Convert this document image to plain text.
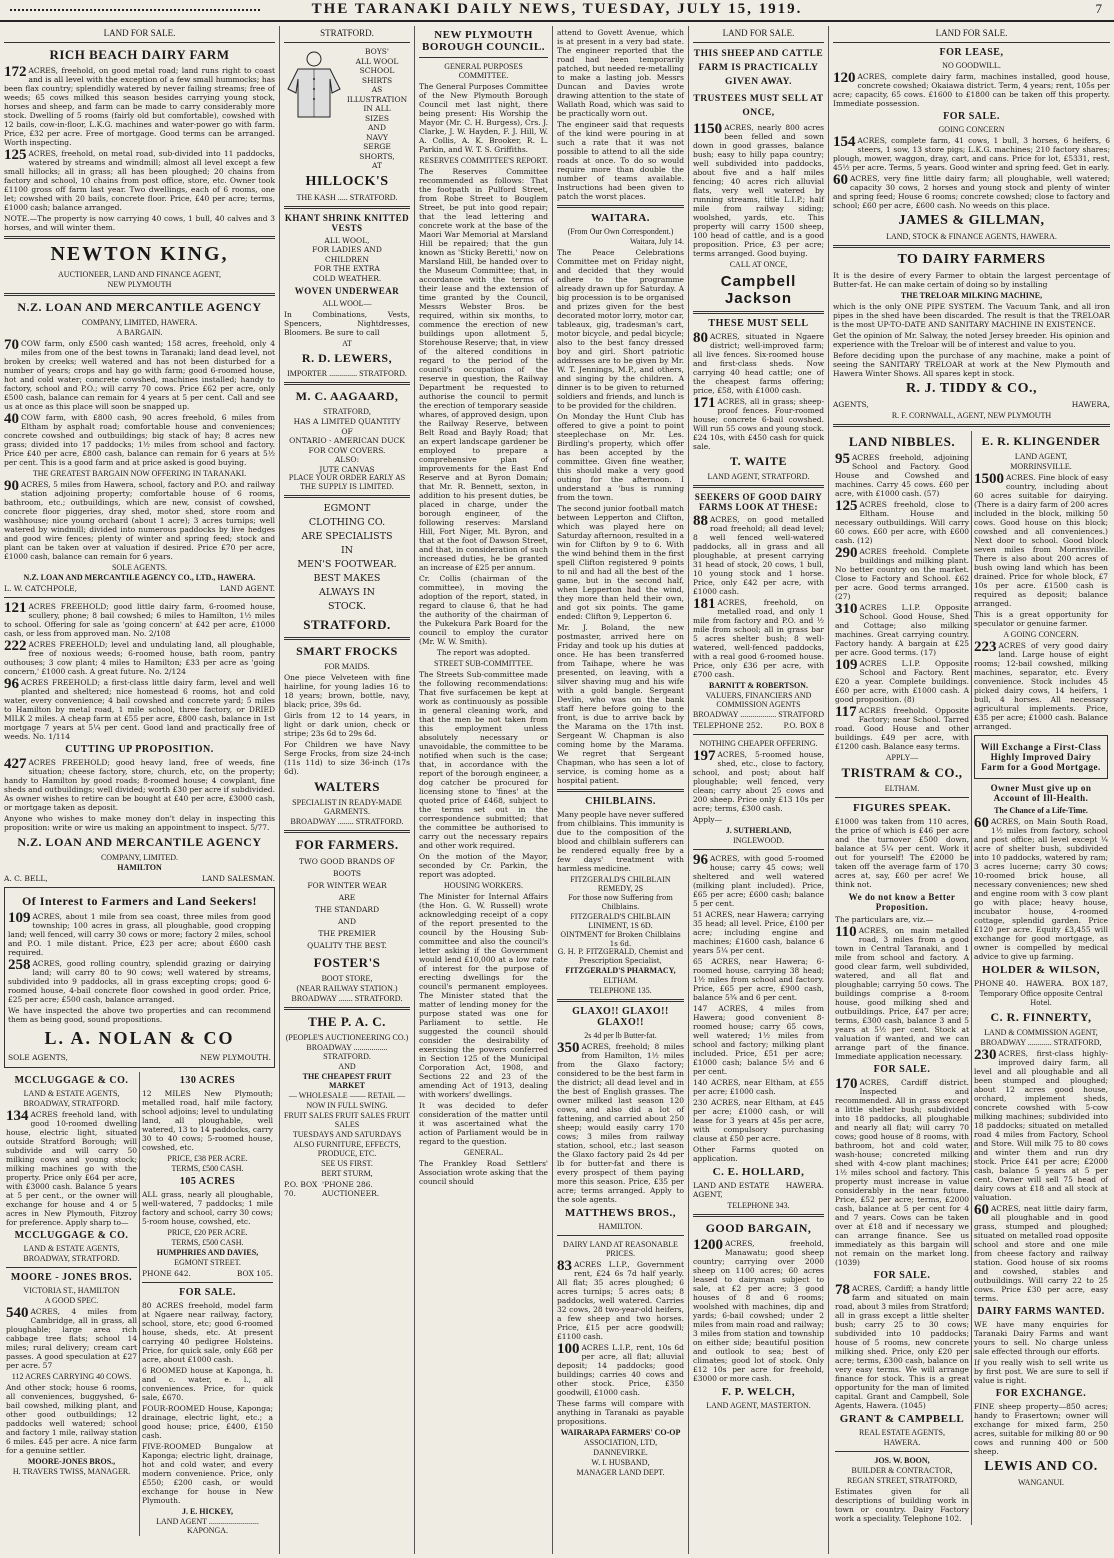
THE TARANAKI DAILY NEWS, TUESDAY, JULY 15, 1919.	7
LAND FOR SALE.
RICH BEACH DAIRY FARM
172 ACRES, freehold, on good metal road; land runs right to coast and is all level with the exception of a few small hummocks; has been flax country; splendidly watered by never failing streams; free of weeds; 65 cows milked this season besides carrying young stock, horses and sheep, and farm can be made to carry considerably more stock. Dwelling of 5 rooms (fairly old but comfortable), cowshed with 12 bails, cow-in-floor, L.K.G. machines and water-power go with farm. Price, £32 per acre. Free of mortgage. Good terms can be arranged. Worth inspecting.
125 ACRES, freehold, on metal road, sub-divided into 11 paddocks, watered by streams and windmill; almost all level except a few small hillocks; all in grass; all has been ploughed; 20 chains from factory and school, 10 chains from post office, store, etc. Owner took £1100 gross off farm last year. Two dwellings, each of 6 rooms, one let; cowshed with 20 bails, concrete floor. Price, £40 per acre; terms, £1000 cash; balance arranged.
NOTE.—The property is now carrying 40 cows, 1 bull, 40 calves and 3 horses, and will winter them.
NEWTON KING,
AUCTIONEER, LAND AND FINANCE AGENT,
NEW PLYMOUTH
N.Z. LOAN AND MERCANTILE AGENCY
COMPANY, LIMITED, HAWERA.
A BARGAIN.
70 COW farm, only £500 cash wanted; 158 acres, freehold, only 4 miles from one of the best towns in Taranaki; land dead level, not broken by creeks; well watered and has not been disturbed for a number of years; crops and hay go with farm; good 6-roomed house, hot and cold water; concrete cowshed, machines installed; handy to factory, school and P.O.; will carry 70 cows. Price £62 per acre, only £500 cash, balance can remain for 4 years at 5 per cent. Call and see us at once as this place will soon be snapped up.
40 COW farm, with £800 cash, 90 acres freehold, 6 miles from Eltham by asphalt road; comfortable house and conveniences; concrete cowshed and outbuildings; big stack of hay; 8 acres new grass; divided into 17 paddocks; 1½ miles from school and factory. Price £40 per acre, £800 cash, balance can remain for 6 years at 5½ per cent. This is a good farm and at price asked is good buying.
THE GREATEST BARGAIN NOW OFFERING IN TARANAKI.
90 ACRES, 5 miles from Hawera, school, factory and P.O. and railway station adjoining property; comfortable house of 6 rooms, bathroom, etc.; outbuildings, which are new, consist of cowshed, concrete floor piggeries, dray shed, motor shed, store room and washhouse; nice young orchard (about 1 acre); 3 acres turnips; well watered by windmill; divided into numerous paddocks by live hedges and good wire fences; plenty of winter and spring feed; stock and plant can be taken over at valuation if desired. Price £70 per acre, £1000 cash, balance can remain for 6 years.
SOLE AGENTS.
N.Z. LOAN AND MERCANTILE AGENCY CO., LTD., HAWERA.
L. W. CATCHPOLE,	LAND AGENT.
121 ACRES FREEHOLD; good little dairy farm, 6-roomed house, scullery, phone; 8 bail cowshed; 6 miles to Hamilton, 1½ miles to school. Offering for sale as 'going concern' at £42 per acre, £1000 cash, or less from approved man. No. 2/108
222 ACRES FREEHOLD; level and undulating land, all ploughable, free of noxious weeds; 6-roomed house, bath room, pantry outhouses; 3 cow plant; 4 miles to Hamilton; £33 per acre as 'going concern,' £1000 cash. A great future. No. 2/124
96 ACRES FREEHOLD; a first-class little dairy farm, level and well planted and sheltered; nice homestead 6 rooms, hot and cold water, every convenience; 4 bail cowshed and concrete yard; 5 miles to Hamilton by metal road, 1 mile school, three factory, or DRIED MILK 2 miles. A cheap farm at £55 per acre, £800 cash, balance in 1st mortgage 7 years at 5¼ per cent. Good land and practically free of weeds. No. 1/114
CUTTING UP PROPOSITION.
427 ACRES FREEHOLD; good heavy land, free of weeds, fine situation; cheese factory, store, church, etc, on the property; handy to Hamilton by good roads; 8-roomed house; 4 cowplant, fine sheds and outbuildings; well divided; worth £30 per acre if subdivided. As owner wishes to retire can be bought at £40 per acre, £3000 cash, or mortgage taken as deposit.
Anyone who wishes to make money don't delay in inspecting this proposition: write or wire us making an appointment to inspect. 5/77.
N.Z. LOAN AND MERCANTILE AGENCY
COMPANY, LIMITED.
HAMILTON
A. C. BELL,	LAND SALESMAN.
Of Interest to Farmers and Land Seekers!
109 ACRES, about 1 mile from sea coast, three miles from good township; 100 acres in grass, all ploughable, good cropping land; well fenced, will carry 30 cows or more; factory 2 miles, school and P.O. 1 mile distant. Price, £23 per acre; about £600 cash required.
258 ACRES, good rolling country, splendid grazing or dairying land; will carry 80 to 90 cows; well watered by streams, subdivided into 9 paddocks, all in grass excepting crops; good 6-roomed house, 4-bail concrete floor cowshed in good order. Price, £25 per acre; £500 cash, balance arranged.
We have inspected the above two properties and can recommend them as being good, sound propositions.
L. A. NOLAN & CO
SOLE AGENTS,	NEW PLYMOUTH.
MCCLUGGAGE & CO.
LAND & ESTATE AGENTS,
BROADWAY, STRATFORD.
134 ACRES freehold land, with good 10-roomed dwelling house, electric light, situated outside Stratford Borough; will subdivide and will carry 50 milking cows and young stock; milking machines go with the property. Price only £64 per acre, with £3000 cash. Balance 5 years at 5 per cent., or the owner will exchange for house and 4 or 5 acres in New Plymouth, Fitzroy for preference. Apply sharp to—
MCCLUGGAGE & CO.
LAND & ESTATE AGENTS,
BROADWAY, STRATFORD.
MOORE - JONES BROS.
VICTORIA ST., HAMILTON
A GOOD SPEC.
540 ACRES, 4 miles from Cambridge, all in grass, all ploughable; large area rich cabbage tree flats; school 14 miles; rural delivery; cream cart passes. A good speculation at £27 per acre. 57
112 ACRES CARRYING 40 COWS.
And other stock; house 6 rooms, all conveniences, buggyshed, 6-bail cowshed, milking plant, and other good outbuildings; 12 paddocks well watered; school and factory 1 mile, railway station 6 miles. £45 per acre. A nice farm for a genuine settler.
MOORE-JONES BROS.,
H. TRAVERS TWISS, MANAGER.
130 ACRES
12 MILES New Plymouth; metalled road, half mile factory, school adjoins; level to undulating land, all ploughable, well watered, 13 to 14 paddocks, carry 30 to 40 cows; 5-roomed house, cowshed, etc.
PRICE, £38 PER ACRE.
TERMS, £500 CASH.
105 ACRES
ALL grass, nearly all ploughable, well-watered, 7 paddocks; 1 mile factory and school, carry 30 cows; 5-room house, cowshed, etc.
PRICE, £20 PER ACRE.
TERMS, £500 CASH.
HUMPHRIES AND DAVIES,
EGMONT STREET.
PHONE 642.	BOX 105.
FOR SALE.
80 ACRES freehold, model farm at Ngaere near railway, factory, school, store, etc; good 6-roomed house, sheds, etc. At present carrying 40 pedigree Holsteins. Price, for quick sale, only £68 per acre, about £1000 cash.
6 ROOMED house at Kaponga, h. and c. water, e. l., all conveniences. Price, for quick sale, £670.
FOUR-ROOMED House, Kaponga; drainage, electric light, etc.; a good house; price, £400, £150 cash.
FIVE-ROOMED Bungalow at Kaponga; electric light, drainage, hot and cold water, and every modern convenience. Price, only £550; £200 cash, or would exchange for house in New Plymouth.
J. E. HICKEY,
LAND AGENT ......................... KAPONGA.
STRATFORD.
BOYS'
ALL WOOL
SCHOOL
SHIRTS
AS
ILLUSTRATION
IN ALL
SIZES
AND
NAVY
SERGE
SHORTS,
AT
HILLOCK'S
THE KASH ..... STRATFORD.
KHANT SHRINK KNITTED VESTS
ALL WOOL,
FOR LADIES AND
CHILDREN
FOR THE EXTRA
COLD WEATHER.
WOVEN UNDERWEAR
ALL WOOL—
In Combinations, Vests, Spencers, Nightdresses, Bloomers. Be sure to call
AT
R. D. LEWERS,
IMPORTER .............. STRATFORD.
M. C. AAGAARD,
STRATFORD,
HAS A LIMITED QUANTITY
OF
ONTARIO - AMERICAN DUCK
FOR COW COVERS.
ALSO:
JUTE CANVAS
PLACE YOUR ORDER EARLY AS THE SUPPLY IS LIMITED.
EGMONT
CLOTHING CO.
ARE SPECIALISTS
IN
MEN'S FOOTWEAR.
BEST MAKES
ALWAYS IN
STOCK.
STRATFORD.
SMART FROCKS
FOR MAIDS.
One piece Velveteen with fine hairline, for young ladies 16 to 18 years; brown, bottle, navy, black; price, 39s 6d.
Girls from 12 to 14 years, in light or dark union, check or stripe; 23s 6d to 29s 6d.
For Children we have Navy Serge Frocks, from size 24-inch (11s 11d) to size 36-inch (17s 6d).
WALTERS
SPECIALIST IN READY-MADE GARMENTS.
BROADWAY ........ STRATFORD.
FOR FARMERS.
TWO GOOD BRANDS OF BOOTS
FOR WINTER WEAR
ARE
THE STANDARD
AND
THE PREMIER
QUALITY THE BEST.
FOSTER'S
BOOT STORE,
(NEAR RAILWAY STATION.)
BROADWAY ....... STRATFORD.
THE P. A. C.
(PEOPLE'S AUCTIONEERING CO.)
BROADWAY ................. STRATFORD.
AND
THE CHEAPEST FRUIT MARKET
— WHOLESALE —— RETAIL —
NOW IN FULL SWING.
FRUIT SALES FRUIT SALES FRUIT SALES
TUESDAYS AND SATURDAYS
ALSO FURNITURE, EFFECTS, PRODUCE, ETC.
SEE US FIRST.
BERT STURM,
P.O. BOX 70.
'PHONE 286. AUCTIONEER.
NEW PLYMOUTH BOROUGH COUNCIL.
GENERAL PURPOSES COMMITTEE.
The General Purposes Committee of the New Plymouth Borough Council met last night, there being present: His Worship the Mayor (Mr. C. H. Burgess), Crs. J. Clarke, J. W. Hayden, F. J. Hill, W. A. Collis, A. K. Brooker, R. L. Parkin, and W. T. S. Griffiths.
RESERVES COMMITTEE'S REPORT.
The Reserves Committee recommended as follows: That the footpath in Pulford Street, from Robe Street to Bouglem Street, be put into good repair; that the lead lettering and concrete work at the base of the Maori War Memorial at Marsland Hill be repaired; that the gun known as 'Sticky Beretti,' now on Marsland Hill, be handed over to the Museum Committee; that, in accordance with the terms of their lease and the extension of time granted by the Council, Messrs Webster Bros. be required, within six months, to commence the erection of new buildings upon allotment 5, Storehouse Reserve; that, in view of the altered conditions in regard to the period of the council's occupation of the reserve in question, the Railway Department be requested to authorise the council to permit the erection of temporary seaside whares, of approved design, upon the Railway Reserve, between Belt Road and Bayly Road; that an expert landscape gardener be employed to prepare a comprehensive plan of improvements for the East End Reserve and at Byron Domain; that Mr. R. Bennett, sexton, in addition to his present duties, be placed in charge, under the borough engineer, of the following reserves: Marsland Hill, Fort Niger, Mt. Byron, and that at the foot of Dawson Street, and that, in consideration of such increased duties, he be granted an increase of £25 per annum.
Cr. Collis (chairman of the committee), in moving the adoption of the report, stated, in regard to clause 6, that he had the authority of the chairman of the Pukekura Park Board for the council to employ the curator (Mr. W. W. Smith).
The report was adopted.
STREET SUB-COMMITTEE.
The Streets Sub-committee made the following recommendations: That five surfacemen be kept at work as continuously as possible in general cleaning work, and that the men be not taken from this employment unless absolutely necessary or unavoidable, the committee to be notified when such is the case; that, in accordance with the report of the borough engineer, a dog catcher be procured for licensing stone to 'fines' at the quoted price of £468, subject to the terms set out in the correspondence submitted; that the committee be authorised to carry out the necessary repairs and other work required.
On the motion of the Mayor, seconded by Cr. Parkin, the report was adopted.
HOUSING WORKERS.
The Minister for Internal Affairs (the Hon. G. W. Russell) wrote acknowledging receipt of a copy of the report presented to the council by the Housing Sub-committee and also the council's letter asking if the Government would lend £10,000 at a low rate of interest for the purpose of erecting dwellings for the council's permanent employees. The Minister stated that the matter of lending money for the purpose stated was one for Parliament to settle. He suggested the council should consider the desirability of exercising the powers conferred in Section 125 of the Municipal Corporation Act, 1908, and Sections 22 and 23 of the amending Act of 1913, dealing with workers' dwellings.
It was decided to defer consideration of the matter until it was ascertained what the action of Parliament would be in regard to the question.
GENERAL.
The Frankley Road Settlers' Association wrote asking that the council should
attend to Govett Avenue, which is at present in a very bad state. The engineer reported that the road had been temporarily patched, but needed re-metalling to make a lasting job. Messrs Duncan and Davies wrote drawing attention to the state of Wallath Road, which was said to be practically worn out.
The engineer said that requests of the kind were pouring in at such a rate that it was not possible to attend to all the side roads at once. To do so would require more than double the number of teams available. Instructions had been given to patch the worst places.
WAITARA.
(From Our Own Correspondent.)
Waitara, July 14.
The Peace Celebrations Committee met on Friday night, and decided that they would adhere to the programme already drawn up for Saturday. A big procession is to be organised and prizes given for the best decorated motor lorry, motor car, tableaux, gig, tradesman's cart, motor bicycle, and pedal bicycle; also to the best fancy dressed boy and girl. Short patriotic addresses are to be given by Mr. W. T. Jennings, M.P., and others, and singing by the children. A dinner is to be given to returned soldiers and friends, and lunch is to be provided for the children.
On Monday the Hunt Club has offered to give a point to point steeplechase on Mr. Les. Birdling's property, which offer has been accepted by the committee. Given fine weather, this should make a very good outing for the afternoon. I understand a 'bus is running from the town.
The second junior football match between Lepperton and Clifton, which was played here on Saturday afternoon, resulted in a win for Clifton by 9 to 6. With the wind behind them in the first spell Clifton registered 9 points to nil and had all the best of the game, but in the second half, when Lepperton had the wind, they more than held their own, and got six points. The game ended: Clifton 9, Lepperton 6.
Mr. J. Boland, the new postmaster, arrived here on Friday and took up his duties at once. He has been transferred from Taihape, where he was presented, on leaving, with a silver shaving mug and his wife with a gold bangle. Sergeant Devlin, who was on the bank staff here before going to the front, is due to arrive back by the Marama on the 17th inst. Sergeant W. Chapman is also coming home by the Marama. We regret that Sergeant Chapman, who has seen a lot of service, is coming home as a hospital patient.
CHILBLAINS.
Many people have never suffered from chilblains. This immunity is due to the composition of the blood and chilblain sufferers can be rendered equally free by a few days' treatment with harmless medicine.
FITZGERALD'S CHILBLAIN REMEDY, 2S
For those now Suffering from Chilblains.
FITZGERALD'S CHILBLAIN LINIMENT, 1S 6D.
OINTMENT for Broken Chilblains 1s 6d.
G. H. P. FITZGERALD, Chemist and Prescription Specialist,
FITZGERALD'S PHARMACY,
ELTHAM.
TELEPHONE 135.
GLAXO!! GLAXO!! GLAXO!!
2s 4d per lb Butter-fat.
350 ACRES, freehold; 8 miles from Hamilton, 1½ miles from the Glaxo factory; considered to be the best farm in the district; all dead level and in the best of English grasses. The owner milked last season 120 cows, and also did a lot of fattening, and carried about 250 sheep; would easily carry 170 cows; 3 miles from railway station, school, etc.; last season the Glaxo factory paid 2s 4d per lb for butter-fat and there is every prospect of them paying more this season. Price, £35 per acre; terms arranged. Apply to the sole agents.
MATTHEWS BROS.,
HAMILTON.
DAIRY LAND AT REASONABLE PRICES.
83 ACRES L.I.P., Government rent, £24 6s 7d half yearly. All flat; 35 acres ploughed; 6 acres turnips; 5 acres oats; 8 paddocks, well watered. Carries 32 cows, 28 two-year-old heifers, a few sheep and two horses. Price, £15 per acre goodwill; £1100 cash.
100 ACRES L.I.P., rent, 10s 6d per acre, all flat; alluvial deposit; 14 paddocks; good buildings; carries 40 cows and other stock. Price, £350 goodwill, £1000 cash.
These farms will compare with anything in Taranaki as payable propositions.
WAIRARAPA FARMERS' CO-OP
ASSOCIATION, LTD,
DANNEVIRKE.
W. I. HUSBAND,
MANAGER LAND DEPT.
LAND FOR SALE.
THIS SHEEP AND CATTLE FARM IS PRACTICALLY GIVEN AWAY.
TRUSTEES MUST SELL AT ONCE,
1150 ACRES, nearly 800 acres been felled and sown down in good grasses, balance bush; easy to hilly papa country; well subdivided into paddocks, about five and a half miles fencing; 40 acres rich alluvial flats, very well watered by running streams, title L.I.P.; half mile from railway siding; woolshed, yards, etc. This property will carry 1500 sheep, 100 head of cattle, and is a good proposition. Price, £3 per acre; terms arranged. Good buying.
CALL AT ONCE,
Campbell Jackson
THESE MUST SELL
80 ACRES, situated in Ngaere district; well-improved farm; all live fences. Six-roomed house and first-class sheds. Now carrying 40 head cattle; one of the cheapest farms offering; price, £58, with £1000 cash.
171 ACRES, all in grass; sheep-proof fences. Four-roomed house; concrete 6-bail cowshed. Will run 55 cows and young stock. £24 10s, with £450 cash for quick sale.
T. WAITE
LAND AGENT, STRATFORD.
SEEKERS OF GOOD DAIRY FARMS LOOK AT THESE:
88 ACRES, on good metalled road freehold; all dead level; 8 well fenced well-watered paddocks, all in grass and all ploughable, at present carrying 31 head of stock, 20 cows, 1 bull, 10 young stock and 1 horse. Price, only £42 per acre, with £1000 cash.
181 ACRES, freehold, on metalled road, and only 1 mile from factory and P.O. and ½ mile from school; all in grass bar 5 acres shelter bush; 8 well-watered, well-fenced paddocks, with a real good 6-roomed house. Price, only £36 per acre, with £700 cash.
BARNITT & ROBERTSON.
VALUERS, FINANCIERS AND COMMISSION AGENTS
BROADWAY .................. STRATFORD
TELEPHONE 252.	P.O. BOX 8
NOTHING CHEAPER OFFERING.
197 ACRES, 5-roomed house, shed, etc., close to factory, school, and post; about half ploughable; well fenced, very clean; carry about 25 cows and 200 sheep. Price only £13 10s per acre; terms, £300 cash.
Apply—
J. SUTHERLAND,
INGLEWOOD.
96 ACRES, with good 5-roomed house; carry 45 cows; well sheltered and well watered (milking plant included). Price, £65 per acre; £600 cash; balance 5 per cent.
51 ACRES, near Hawera; carrying 35 head; all level. Price, £100 per acre; including engine and machines; £1600 cash, balance 6 years 5¼ per cent.
65 ACRES, near Hawera; 6-roomed house, carrying 38 head; 1½ miles from school and factory. Price, £65 per acre, £900 cash, balance 5¾ and 6 per cent.
147 ACRES, 4 miles from Hawera; good convenient 8-roomed house; carry 65 cows, well watered; 1½ miles from school and factory; milking plant included. Price, £51 per acre; £1000 cash; balance 5½ and 6 per cent.
140 ACRES, near Eltham, at £55 per acre; £1000 cash.
230 ACRES, near Eltham, at £45 per acre; £1000 cash, or will lease for 3 years at 45s per acre, with compulsory purchasing clause at £50 per acre.
Other Farms quoted on application.
C. E. HOLLARD,
LAND AND ESTATE AGENT,
HAWERA.
TELEPHONE 343.
GOOD BARGAIN,
1200 ACRES, freehold, Manawatu; good sheep country; carrying over 2000 sheep on 1100 acres; 60 acres leased to dairyman subject to sale, at £2 per acre; 3 good houses of 8 and 6 rooms; woolshed with machines, dip and yards; 6-bail cowshed; under 2 miles from main road and railway; 3 miles from station and township on either side; beautiful position and outlook to sea; best of climates; good lot of stock. Only £12 10s per acre for freehold, £3000 or more cash.
F. P. WELCH,
LAND AGENT, MASTERTON.
LAND FOR SALE.
FOR LEASE,
NO GOODWILL.
120 ACRES, complete dairy farm, machines installed, good house, concrete cowshed; Okaiawa district. Term, 4 years; rent, 105s per acre; capacity, 65 cows. £1600 to £1800 can be taken off this property. Immediate possession.
FOR SALE.
GOING CONCERN
154 ACRES, complete farm, 41 cows, 1 bull, 3 horses, 6 heifers, 6 steers, 1 sow, 13 store pigs; L.K.G. machines; 210 factory shares; plough, mower, waggon, dray, cart, and cans. Price for lot, £5331, rest, 45½ per acre. Terms, 5 years. Good winter and spring feed. Get in early.
60 ACRES, very fine little dairy farm; all ploughable, well watered; capacity 30 cows, 2 horses and young stock and plenty of winter and spring feed; House 6 rooms; concrete cowshed; close to factory and school; £60 per acre, £600 cash. No weeds on this place.
JAMES & GILLMAN,
LAND, STOCK & FINANCE AGENTS, HAWERA.
TO DAIRY FARMERS
It is the desire of every Farmer to obtain the largest percentage of Butter-fat. He can make certain of doing so by installing
THE TRELOAR MILKING MACHINE,
which is the only ONE PIPE SYSTEM. The Vacuum Tank, and all iron pipes in the shed have been discarded. The result is that the TRELOAR is the most UP-TO-DATE AND SANITARY MACHINE IN EXISTENCE.
Get the opinion of Mr. Salway, the noted Jersey breeder. His opinion and experience with the Treloar will be of interest and value to you.
Before deciding upon the purchase of any machine, make a point of seeing the SANITARY TRELOAR at work at the New Plymouth and Hawera Winter Shows. All spares kept in stock.
R. J. TIDDY & CO.,
AGENTS,	HAWERA,
R. F. CORNWALL, AGENT, NEW PLYMOUTH
LAND NIBBLES.
95 ACRES freehold, adjoining School and Factory. Good House and Cowshed and machines. Carry 45 cows. £60 per acre, with £1000 cash. (57)
125 ACRES freehold, close to Eltham. House and necessary outbuildings. Will carry 60 cows. £60 per acre, with £600 cash. (12)
290 ACRES freehold. Complete buildings and milking plant. No better country on the market. Close to Factory and School. £62 per acre. Good terms arranged. (27)
310 ACRES L.I.P. Opposite School. Good House, Shed and Cottage; also milking machines. Great carrying country. Factory handy. A bargain at £25 per acre. Good terms. (17)
109 ACRES L.I.P. Opposite School and Factory. Rent £20 a year. Complete buildings. £60 per acre, with £1000 cash. A good proposition. (8)
117 ACRES freehold. Opposite Factory; near School. Tarred road. Good House and other buildings. £49 per acre, with £1200 cash. Balance easy terms.
APPLY—
TRISTRAM & CO.,
ELTHAM.
FIGURES SPEAK.
£1000 was taken from 110 acres, the price of which is £46 per acre and the turnover £500 down, balance at 5¼ per cent. Work it out for yourself! The £2000 be taken off the average farm of 170 acres at, say, £60 per acre! We think not.
We do not know a Better Proposition.
The particulars are, viz.—
110 ACRES, on main metalled road, 3 miles from a good town in Central Taranaki, and 1 mile from school and factory. A good clear farm, well subdivided, watered, and all flat and ploughable; carrying 50 cows. The buildings comprise a 8-room house, good milking shed and outbuildings. Price, £47 per acre; terms, £300 cash, balance 3 and 5 years at 5½ per cent. Stock at valuation if wanted, and we can arrange part of the finance. Immediate application necessary.
FOR SALE.
170 ACRES, Cardiff district. Inspected and recommended. All in grass except a little shelter bush; subdivided into 18 paddocks, all ploughable and nearly all flat; will carry 70 cows; good house of 8 rooms, with bathroom, hot and cold water, wash-house; concreted milking shed with 4-cow plant machines; 1½ miles school and factory. This property must increase in value considerably in the near future. Price, £52 per acre; terms, £2000 cash, balance at 5 per cent for 4 and 7 years. Cows can be taken over at £18 and if necessary we can arrange finance. See us immediately as this bargain will not remain on the market long. (1039)
FOR SALE.
78 ACRES, Cardiff; a handy little farm and situated on main road, about 3 miles from Stratford; all in grass except a little shelter bush; carry 25 to 30 cows; subdivided into 10 paddocks; house of 5 rooms, new concrete milking shed. Price, only £20 per acre; terms, £300 cash, balance on very easy terms. We will arrange finance for stock. This is a great opportunity for the man of limited capital. Grant and Campbell, Sole Agents, Hawera. (1045)
GRANT & CAMPBELL
REAL ESTATE AGENTS,
HAWERA.
JOS. W. BOON,
BUILDER & CONTRACTOR,
REGAN STREET, STRATFORD,
Estimates given for all descriptions of building work in town or country. Dairy Factory work a speciality. Telephone 102.
E. R. KLINGENDER
LAND AGENT,
MORRINSVILLE.
1500 ACRES. Fine block of easy country, including about 60 acres suitable for dairying. (There is a dairy farm of 200 acres included in the block, milking 50 cows. Good house on this block; cowshed and all conveniences.) Next door to school. Good block seven miles from Morrinsville. There is also about 200 acres of bush owing land which has been drained. Price for whole block, £7 10s per acre. £1500 cash is required as deposit; balance arranged.
This is a great opportunity for speculator or genuine farmer.
A GOING CONCERN.
223 ACRES of very good dairy land. Large house of eight rooms; 12-bail cowshed, milking machines, separator, etc. Every convenience. Stock includes 45 picked dairy cows, 14 heifers, 1 bull, 4 horses. All necessary agricultural implements. Price, £35 per acre; £1000 cash. Balance arranged.
Will Exchange a First-Class Highly Improved Dairy Farm for a Good Mortgage.
Owner Must give up on Account of Ill-Health.
The Chance of a Life-Time.
60 ACRES, on Main South Road, 1½ miles from factory, school and post office; all level except ¼ acre of shelter bush, subdivided into 10 paddocks, watered by ram; 3 acres lucerne; carry 30 cows; 10-roomed brick house, all necessary conveniences; new shed and engine room with 3 cow plant go with place; heavy house, incubator house, 4-roomed cottage, splendid garden. Price £120 per acre. Equity £3,455 will exchange for good mortgage, as owner is compelled by medical advice to give up farming.
HOLDER & WILSON,
PHONE 40. HAWERA. BOX 187,
Temporary Office opposite Central Hotel.
C. R. FINNERTY,
LAND & COMMISSION AGENT,
BROADWAY ............ STRATFORD,
230 ACRES, first-class highly-improved dairy farm, all level and all ploughable and all been stumped and ploughed; about 12 acres good house, orchard, implement sheds, concrete cowshed with 5-cow milking machines; subdivided into 18 paddocks; situated on metalled road 4 miles from Factory, School and Store. Will milk 75 to 80 cows and winter them and run dry stock. Price £41 per acre; £2000 cash, balance 5 years at 5 per cent. Owner will sell 75 head of dairy cows at £18 and all stock at valuation.
60 ACRES, neat little dairy farm, all ploughable and in good grass, stumped and ploughed; situated on metalled road opposite school and store and one mile from cheese factory and railway station. Good house of six rooms and cowshed, stables and outbuildings. Will carry 22 to 25 cows. Price £30 per acre, easy terms.
DAIRY FARMS WANTED.
WE have many enquiries for Taranaki Dairy Farms and want yours to sell. No charge unless sale effected through our efforts.
If you really wish to sell write us by first post. We are sure to sell if value is right.
FOR EXCHANGE.
FINE sheep property—850 acres; handy to Frasertown; owner will exchange for mixed farm, 250 acres, suitable for milking 80 or 90 cows and running 400 or 500 sheep.
LEWIS AND CO.
WANGANUI.
